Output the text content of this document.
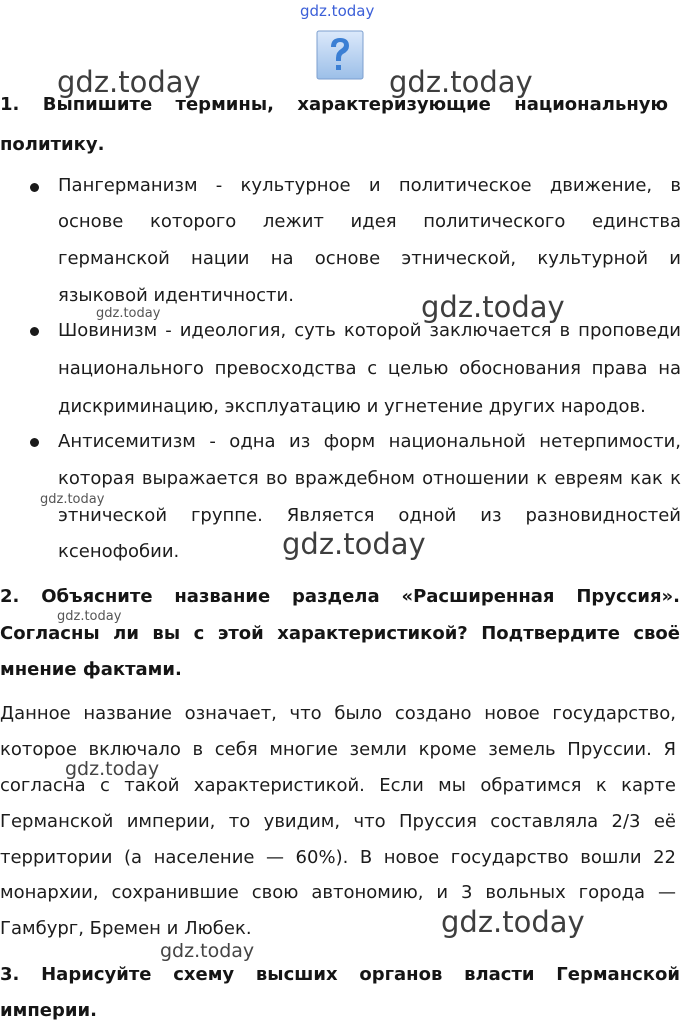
gdz.today
gdz.today	gdz.today
gdz.today
gdz.today
gdz.today
gdz.today
gdz.today
gdz.today
gdz.today
gdz.today
1. Выпишите термины, характеризующие национальную
политику.
Пангерманизм - культурное и политическое движение, в
основе которого лежит идея политического единства
германской нации на основе этнической, культурной и
языковой идентичности.
Шовинизм - идеология, суть которой заключается в проповеди
национального превосходства с целью обоснования права на
дискриминацию, эксплуатацию и угнетение других народов.
Антисемитизм - одна из форм национальной нетерпимости,
которая выражается во враждебном отношении к евреям как к
этнической группе. Является одной из разновидностей
ксенофобии.
2. Объясните название раздела «Расширенная Пруссия».
Согласны ли вы с этой характеристикой? Подтвердите своё
мнение фактами.
Данное название означает, что было создано новое государство,
которое включало в себя многие земли кроме земель Пруссии. Я
согласна с такой характеристикой. Если мы обратимся к карте
Германской империи, то увидим, что Пруссия составляла 2/3 её
территории (а население — 60%). В новое государство вошли 22
монархии, сохранившие свою автономию, и 3 вольных города —
Гамбург, Бремен и Любек.
3. Нарисуйте схему высших органов власти Германской
империи.
